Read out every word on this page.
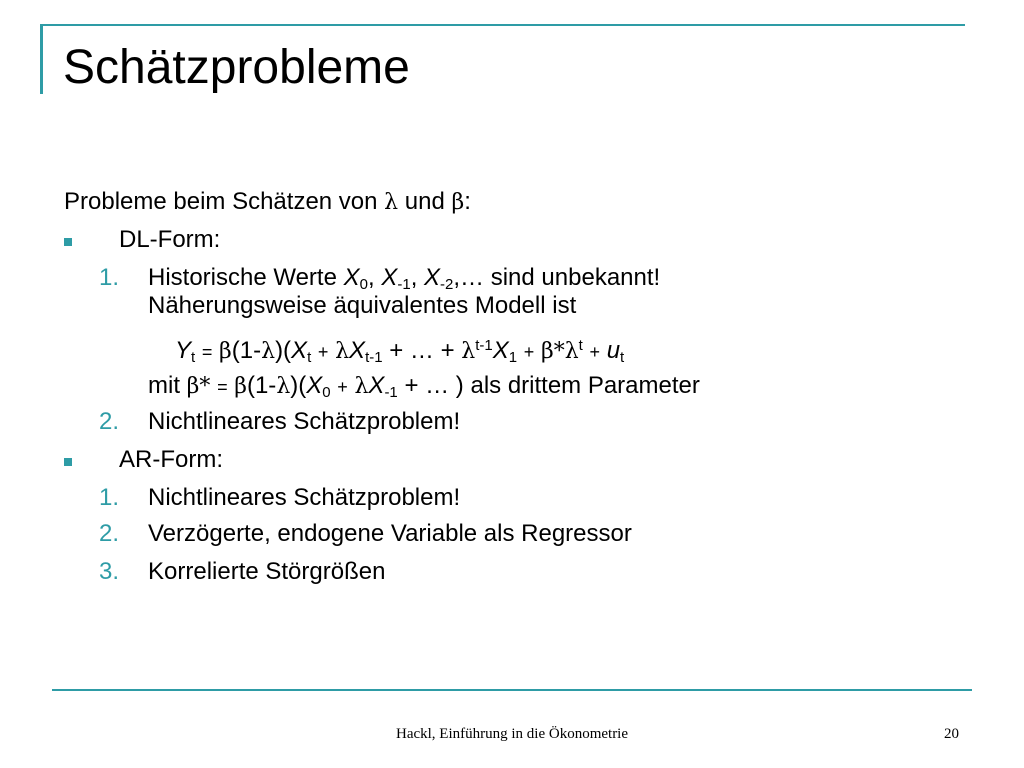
Schätzprobleme
Probleme beim Schätzen von λ und β:
DL-Form:
1. Historische Werte $X_0$, $X_{-1}$, $X_{-2},\dots$ sind unbekannt!
Näherungsweise äquivalentes Modell ist
$Y_t = \beta(1-\lambda)(X_t + \lambda X_{t-1}$ + … + $\lambda^{t-1}X_1 + \beta*\lambda^t + u_t$
mit $\beta* = \beta(1-\lambda)(X_0 + \lambda X_{-1}$ + … ) als drittem Parameter
2. Nichtlineares Schätzproblem!
AR-Form:
1. Nichtlineares Schätzproblem!
2. Verzögerte, endogene Variable als Regressor
3. Korrelierte Störgrößen
Hackl, Einführung in die Ökonometrie	20
